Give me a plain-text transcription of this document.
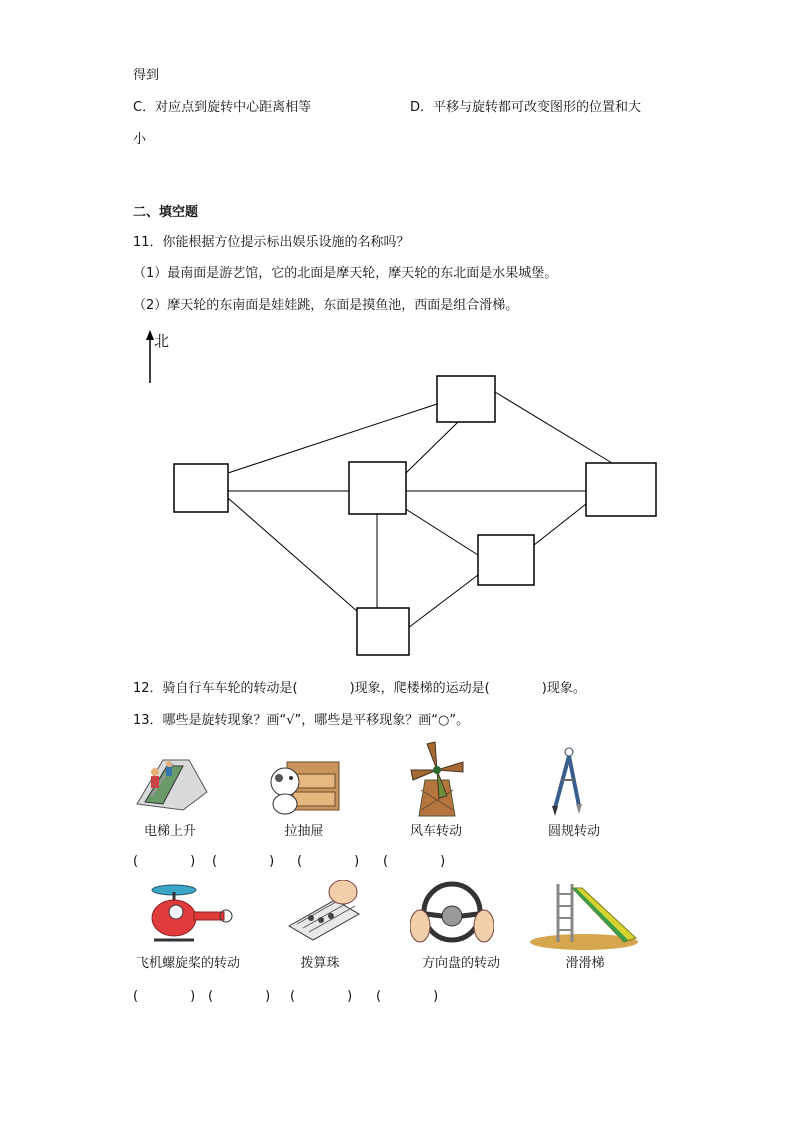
得到
C．对应点到旋转中心距离相等	D．平移与旋转都可改变图形的位置和大
小
二、填空题
11．你能根据方位提示标出娱乐设施的名称吗？
（1）最南面是游艺馆，它的北面是摩天轮，摩天轮的东北面是水果城堡。
（2）摩天轮的东南面是娃娃跳，东面是摸鱼池，西面是组合滑梯。
北
12．骑自行车车轮的转动是(　　　　)现象，爬楼梯的运动是(　　　　)现象。
13．哪些是旋转现象？画“√”，哪些是平移现象？画“○”。
电梯上升	拉抽屉	风车转动	圆规转动
(　　　　) (　　　　) (　　　　) (　　　　)
飞机螺旋桨的转动	拨算珠	方向盘的转动	滑滑梯
(　　　　) (　　　　) (　　　　) (　　　　)
